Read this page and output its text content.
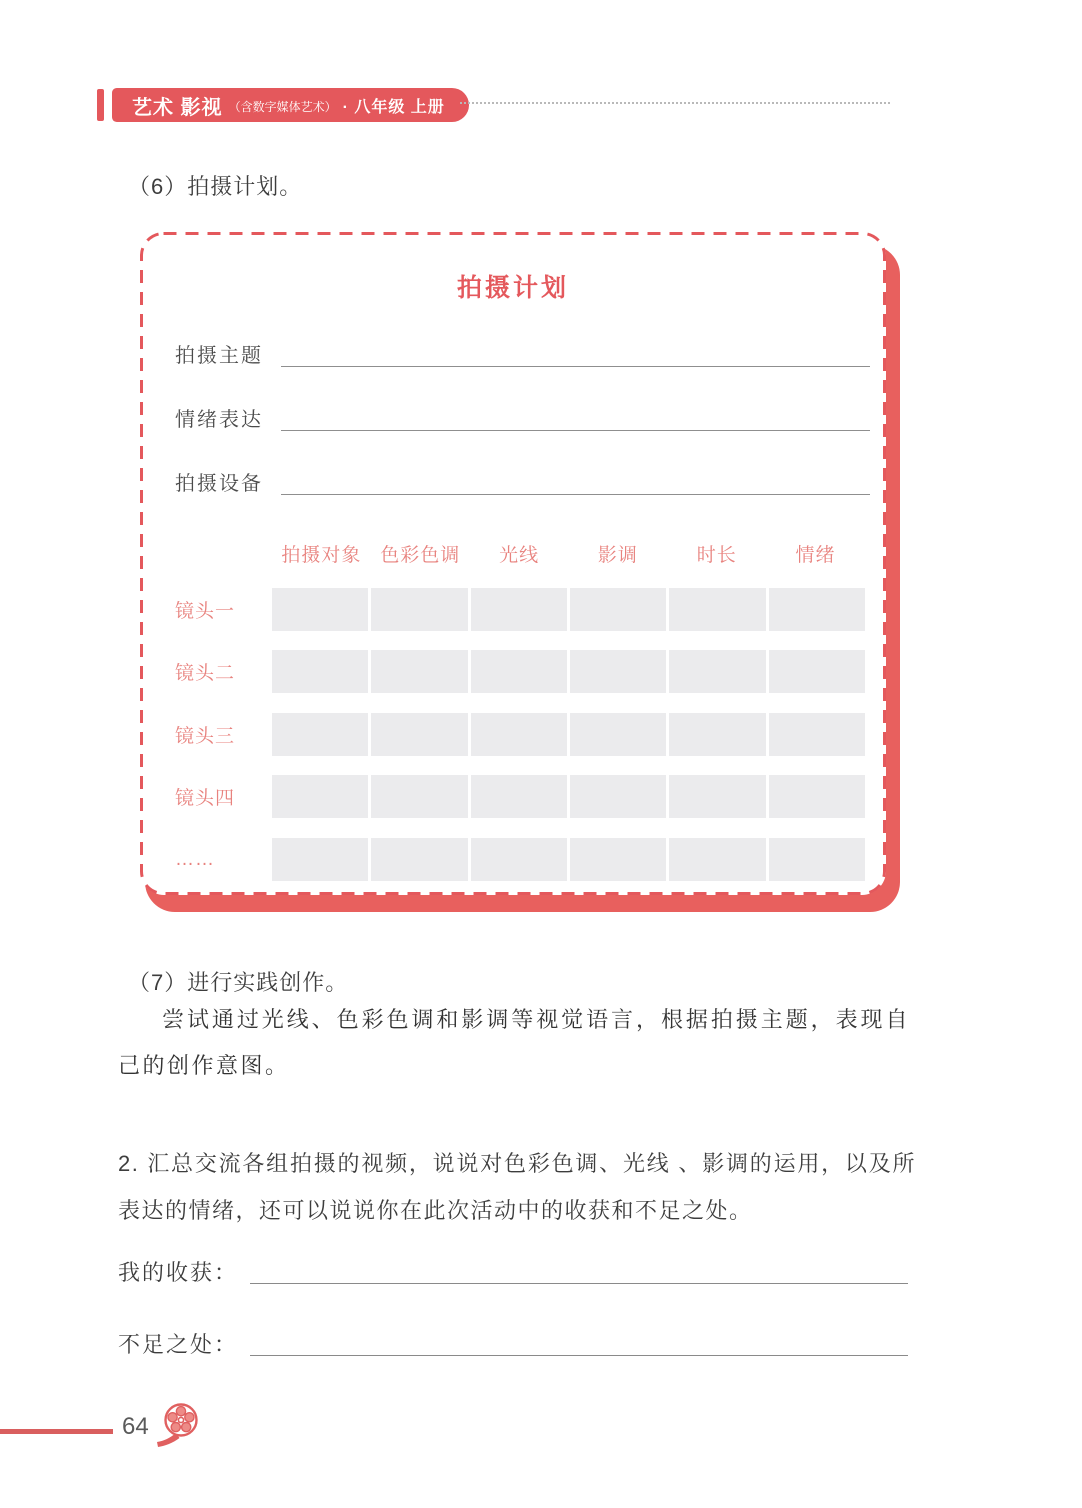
艺术 影视 （含数字媒体艺术） · 八年级 上册
（6）拍摄计划。
拍摄计划
拍摄主题
情绪表达
拍摄设备
拍摄对象 色彩色调	光线	影调	时长	情绪
镜头一
镜头二
镜头三
镜头四
……
（7）进行实践创作。
尝试通过光线、色彩色调和影调等视觉语言，根据拍摄主题，表现自己的创作意图。
2. 汇总交流各组拍摄的视频，说说对色彩色调、光线 、影调的运用，以及所表达的情绪，还可以说说你在此次活动中的收获和不足之处。
我的收获：
不足之处：
64
